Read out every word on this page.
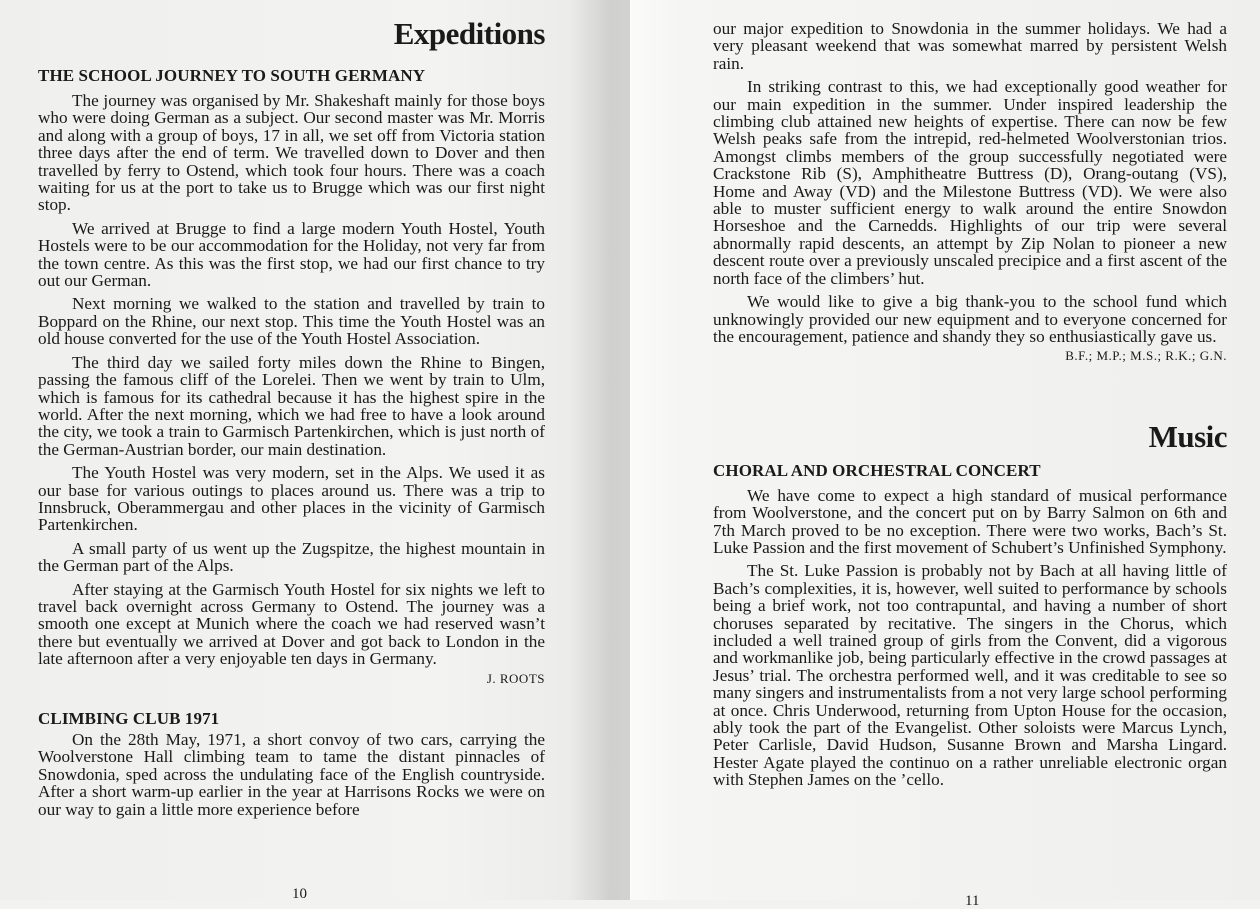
Expeditions
THE SCHOOL JOURNEY TO SOUTH GERMANY

The journey was organised by Mr. Shakeshaft mainly for those boys who were doing German as a subject. Our second master was Mr. Morris and along with a group of boys, 17 in all, we set off from Victoria station three days after the end of term. We travelled down to Dover and then travelled by ferry to Ostend, which took four hours. There was a coach waiting for us at the port to take us to Brugge which was our first night stop.

We arrived at Brugge to find a large modern Youth Hostel, Youth Hostels were to be our accommodation for the Holiday, not very far from the town centre. As this was the first stop, we had our first chance to try out our German.

Next morning we walked to the station and travelled by train to Boppard on the Rhine, our next stop. This time the Youth Hostel was an old house converted for the use of the Youth Hostel Association.

The third day we sailed forty miles down the Rhine to Bingen, passing the famous cliff of the Lorelei. Then we went by train to Ulm, which is famous for its cathedral because it has the highest spire in the world. After the next morning, which we had free to have a look around the city, we took a train to Garmisch Partenkirchen, which is just north of the German-Austrian border, our main destination.

The Youth Hostel was very modern, set in the Alps. We used it as our base for various outings to places around us. There was a trip to Innsbruck, Oberammergau and other places in the vicinity of Garmisch Partenkirchen.

A small party of us went up the Zugspitze, the highest mountain in the German part of the Alps.

After staying at the Garmisch Youth Hostel for six nights we left to travel back overnight across Germany to Ostend. The journey was a smooth one except at Munich where the coach we had reserved wasn’t there but eventually we arrived at Dover and got back to London in the late afternoon after a very enjoyable ten days in Germany.

J. ROOTS
CLIMBING CLUB 1971

On the 28th May, 1971, a short convoy of two cars, carrying the Woolverstone Hall climbing team to tame the distant pinnacles of Snowdonia, sped across the undulating face of the English countryside. After a short warm-up earlier in the year at Harrisons Rocks we were on our way to gain a little more experience before

10

our major expedition to Snowdonia in the summer holidays. We had a very pleasant weekend that was somewhat marred by persistent Welsh rain.

In striking contrast to this, we had exceptionally good weather for our main expedition in the summer. Under inspired leadership the climbing club attained new heights of expertise. There can now be few Welsh peaks safe from the intrepid, red-helmeted Woolverstonian trios. Amongst climbs members of the group successfully negotiated were Crackstone Rib (S), Amphitheatre Buttress (D), Orang-outang (VS), Home and Away (VD) and the Milestone Buttress (VD). We were also able to muster sufficient energy to walk around the entire Snowdon Horseshoe and the Carnedds. Highlights of our trip were several abnormally rapid descents, an attempt by Zip Nolan to pioneer a new descent route over a previously unscaled precipice and a first ascent of the north face of the climbers’ hut.

We would like to give a big thank-you to the school fund which unknowingly provided our new equipment and to everyone concerned for the encouragement, patience and shandy they so enthusiastically gave us.

B.F.; M.P.; M.S.; R.K.; G.N.
Music
CHORAL AND ORCHESTRAL CONCERT

We have come to expect a high standard of musical performance from Woolverstone, and the concert put on by Barry Salmon on 6th and 7th March proved to be no exception. There were two works, Bach’s St. Luke Passion and the first movement of Schubert’s Unfinished Symphony.

The St. Luke Passion is probably not by Bach at all having little of Bach’s complexities, it is, however, well suited to performance by schools being a brief work, not too contrapuntal, and having a number of short choruses separated by recitative. The singers in the Chorus, which included a well trained group of girls from the Convent, did a vigorous and workmanlike job, being particularly effective in the crowd passages at Jesus’ trial. The orchestra performed well, and it was creditable to see so many singers and instrumentalists from a not very large school performing at once. Chris Underwood, returning from Upton House for the occasion, ably took the part of the Evangelist. Other soloists were Marcus Lynch, Peter Carlisle, David Hudson, Susanne Brown and Marsha Lingard. Hester Agate played the continuo on a rather unreliable electronic organ with Stephen James on the ’cello.

11
